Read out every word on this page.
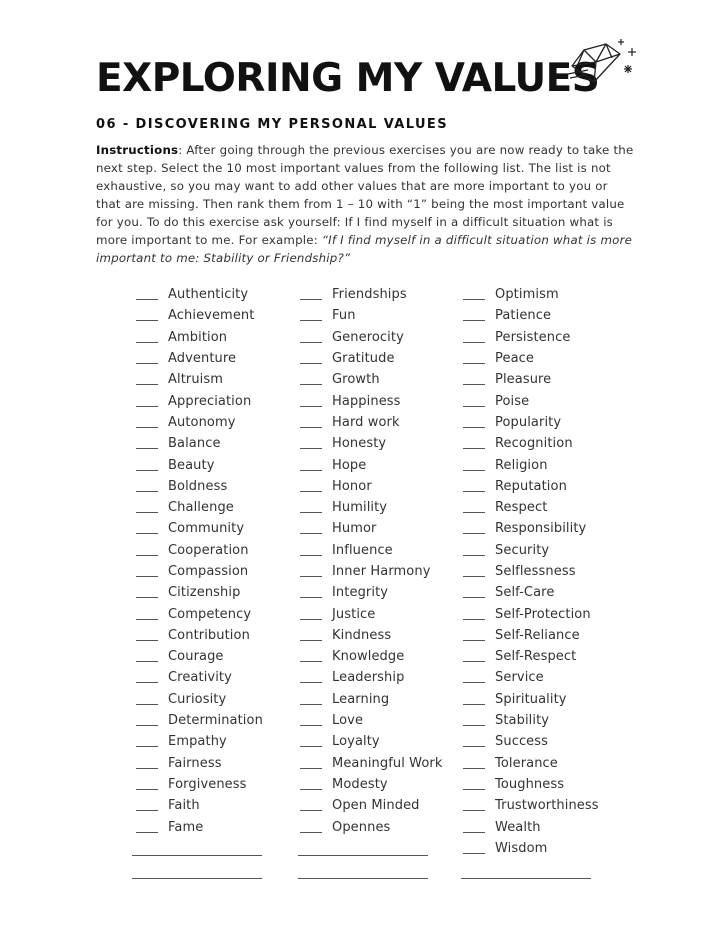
EXPLORING MY VALUES
06 - DISCOVERING MY PERSONAL VALUES

Instructions: After going through the previous exercises you are now ready to take the next step. Select the 10 most important values from the following list. The list is not exhaustive, so you may want to add other values that are more important to you or that are missing. Then rank them from 1 – 10 with “1” being the most important value for you. To do this exercise ask yourself: If I find myself in a difficult situation what is more important to me. For example: “If I find myself in a difficult situation what is more important to me: Stability or Friendship?”

Authenticity
Achievement
Ambition
Adventure
Altruism
Appreciation
Autonomy
Balance
Beauty
Boldness
Challenge
Community
Cooperation
Compassion
Citizenship
Competency
Contribution
Courage
Creativity
Curiosity
Determination
Empathy
Fairness
Forgiveness
Faith
Fame
Friendships
Fun
Generocity
Gratitude
Growth
Happiness
Hard work
Honesty
Hope
Honor
Humility
Humor
Influence
Inner Harmony
Integrity
Justice
Kindness
Knowledge
Leadership
Learning
Love
Loyalty
Meaningful Work
Modesty
Open Minded
Opennes
Optimism
Patience
Persistence
Peace
Pleasure
Poise
Popularity
Recognition
Religion
Reputation
Respect
Responsibility
Security
Selflessness
Self-Care
Self-Protection
Self-Reliance
Self-Respect
Service
Spirituality
Stability
Success
Tolerance
Toughness
Trustworthiness
Wealth
Wisdom
